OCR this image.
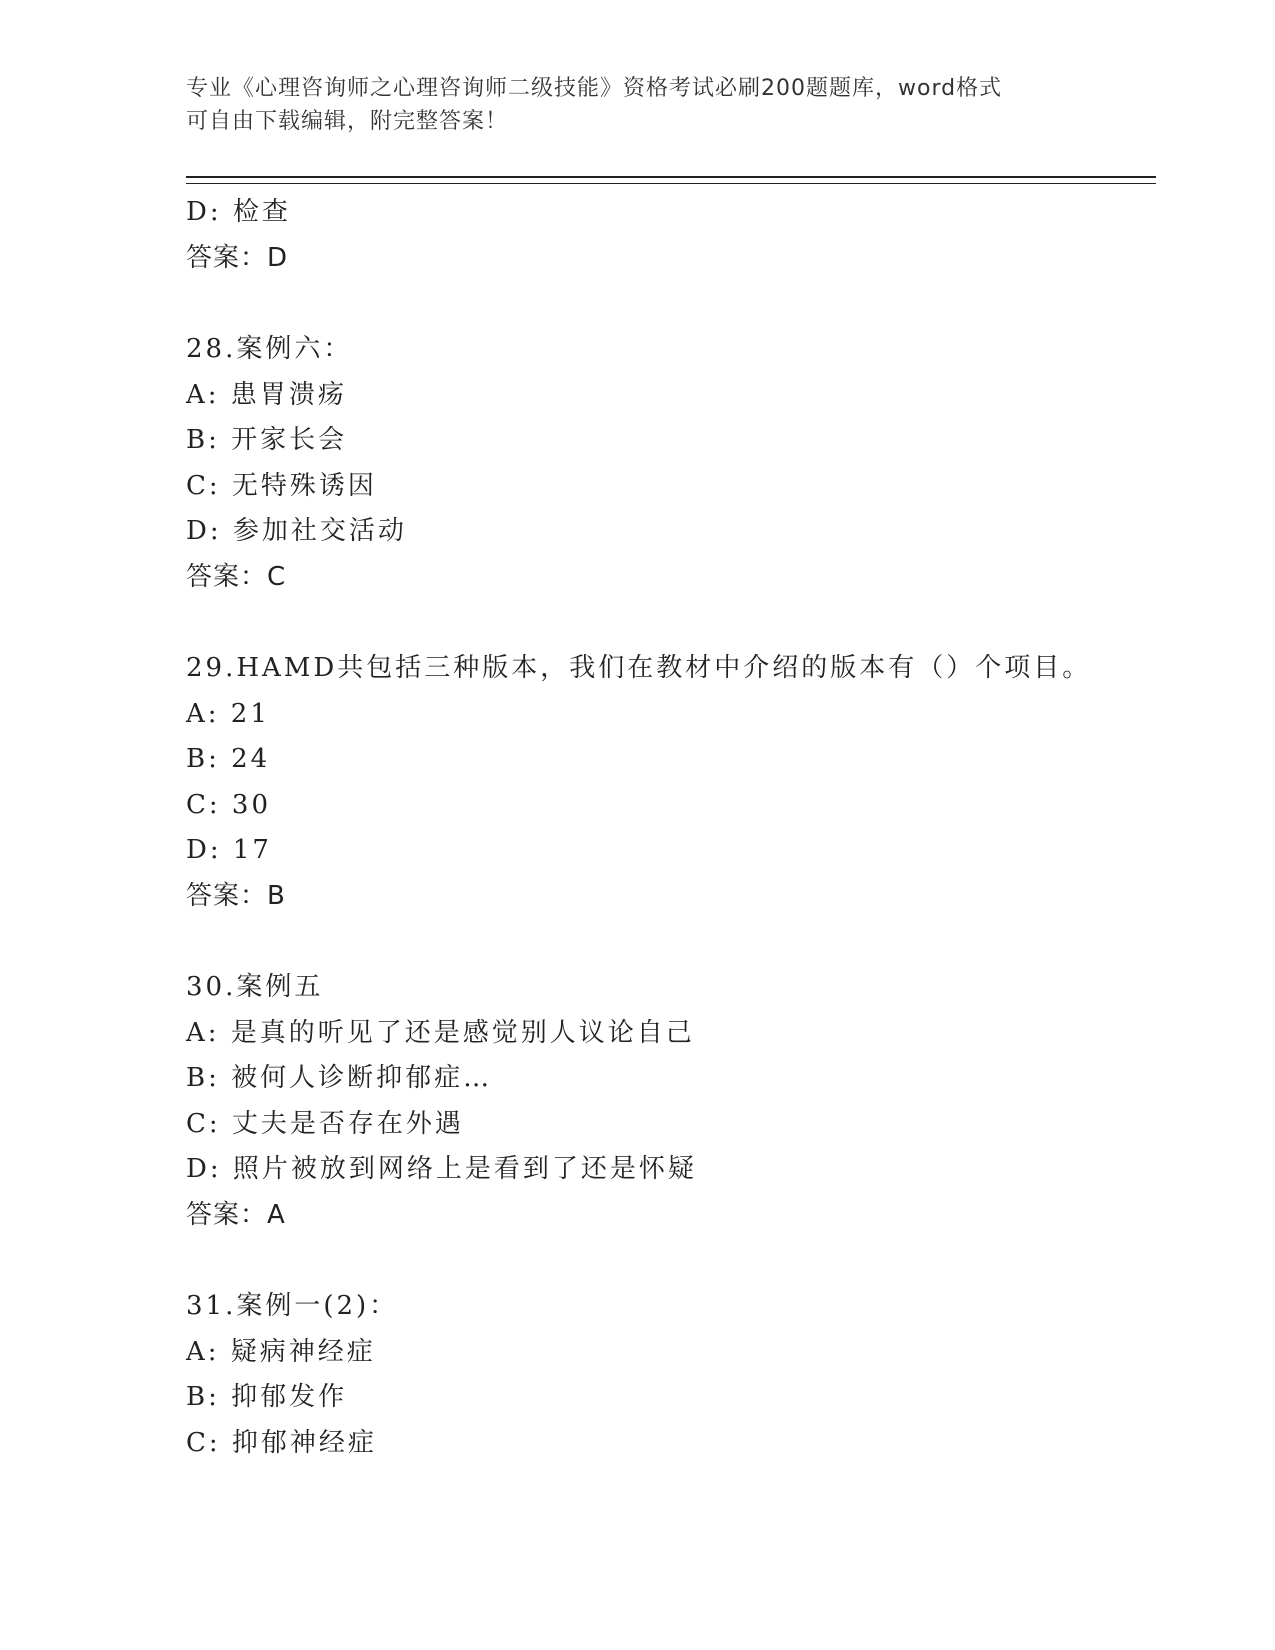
专业《心理咨询师之心理咨询师二级技能》资格考试必刷200题题库，word格式
可自由下载编辑，附完整答案！
D: 检查
答案：D
28.案例六：
A: 患胃溃疡
B: 开家长会
C: 无特殊诱因
D: 参加社交活动
答案：C
29.HAMD共包括三种版本，我们在教材中介绍的版本有（）个项目。
A: 21
B: 24
C: 30
D: 17
答案：B
30.案例五
A: 是真的听见了还是感觉别人议论自己
B: 被何人诊断抑郁症…
C: 丈夫是否存在外遇
D: 照片被放到网络上是看到了还是怀疑
答案：A
31.案例一(2)：
A: 疑病神经症
B: 抑郁发作
C: 抑郁神经症
